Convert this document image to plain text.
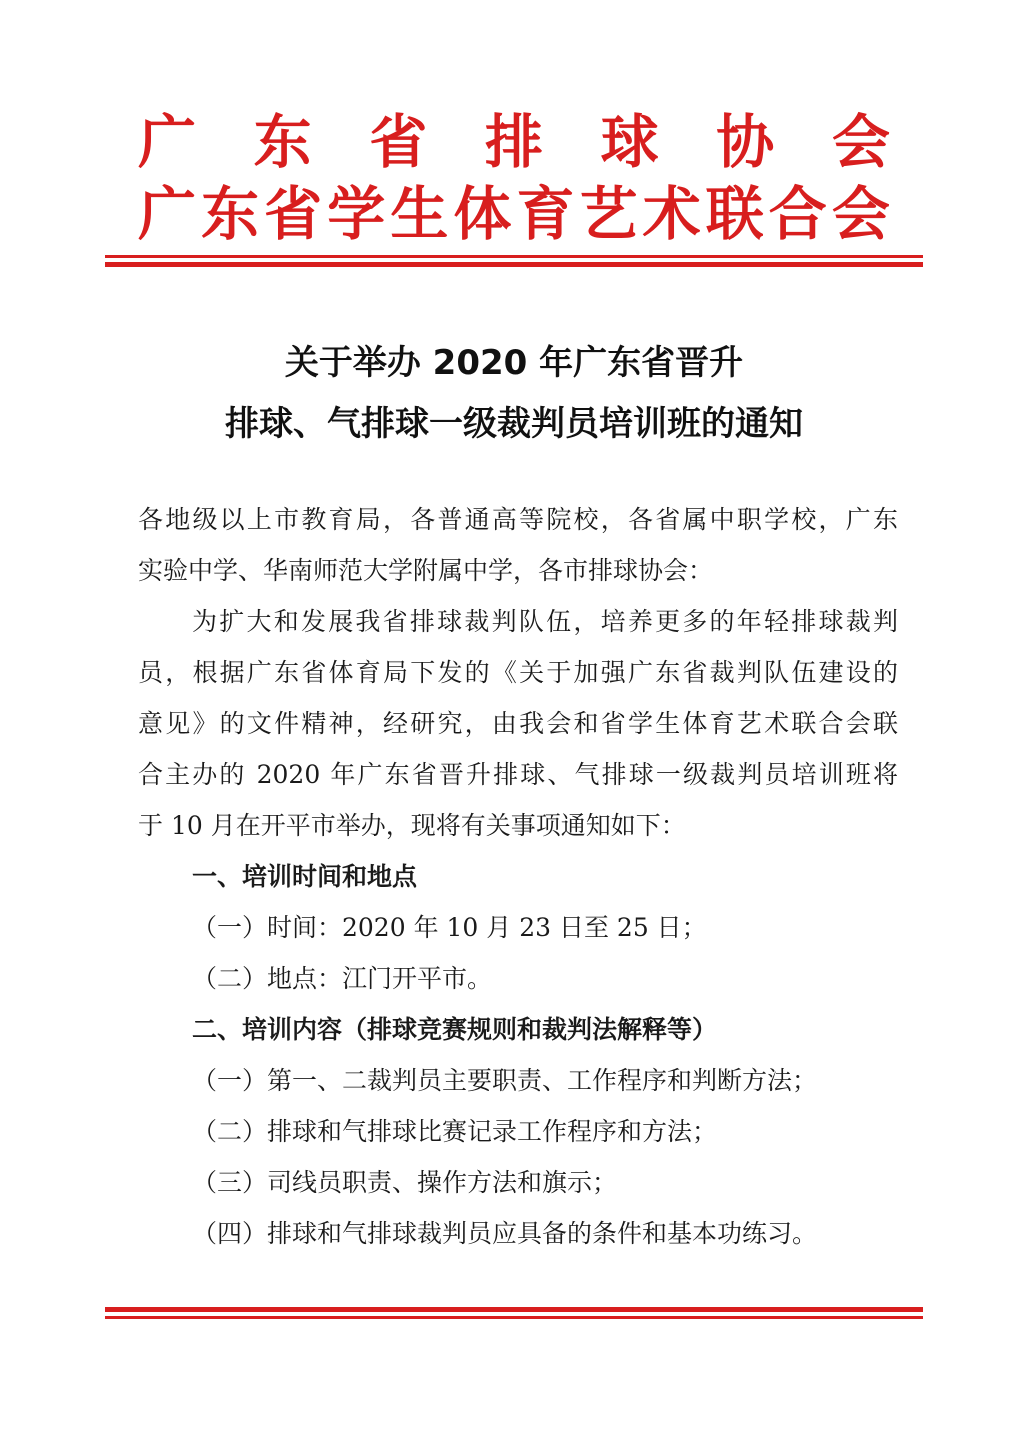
广 东 省 排 球 协 会
广 东 省 学 生 体 育 艺 术 联 合 会
关于举办 2020 年广东省晋升
排球、气排球一级裁判员培训班的通知
各地级以上市教育局，各普通高等院校，各省属中职学校，广东
实验中学、华南师范大学附属中学，各市排球协会：
为扩大和发展我省排球裁判队伍，培养更多的年轻排球裁判
员，根据广东省体育局下发的《关于加强广东省裁判队伍建设的
意见》的文件精神，经研究，由我会和省学生体育艺术联合会联
合主办的 2020 年广东省晋升排球、气排球一级裁判员培训班将
于 10 月在开平市举办，现将有关事项通知如下：
一、培训时间和地点
（一）时间：2020 年 10 月 23 日至 25 日；
（二）地点：江门开平市。
二、培训内容（排球竞赛规则和裁判法解释等）
（一）第一、二裁判员主要职责、工作程序和判断方法；
（二）排球和气排球比赛记录工作程序和方法；
（三）司线员职责、操作方法和旗示；
（四）排球和气排球裁判员应具备的条件和基本功练习。
